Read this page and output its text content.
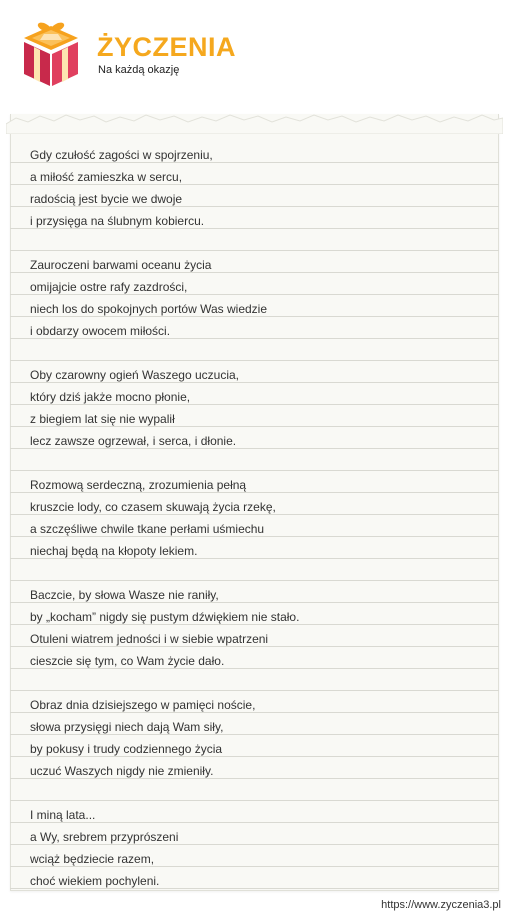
ŻYCZENIA
Na każdą okazję
Gdy czułość zagości w spojrzeniu,
a miłość zamieszka w sercu,
radością jest bycie we dwoje
i przysięga na ślubnym kobiercu.
Zauroczeni barwami oceanu życia
omijajcie ostre rafy zazdrości,
niech los do spokojnych portów Was wiedzie
i obdarzy owocem miłości.
Oby czarowny ogień Waszego uczucia,
który dziś jakże mocno płonie,
z biegiem lat się nie wypalił
lecz zawsze ogrzewał, i serca, i dłonie.
Rozmową serdeczną, zrozumienia pełną
kruszcie lody, co czasem skuwają życia rzekę,
a szczęśliwe chwile tkane perłami uśmiechu
niechaj będą na kłopoty lekiem.
Baczcie, by słowa Wasze nie raniły,
by „kocham” nigdy się pustym dźwiękiem nie stało.
Otuleni wiatrem jedności i w siebie wpatrzeni
cieszcie się tym, co Wam życie dało.
Obraz dnia dzisiejszego w pamięci noście,
słowa przysięgi niech dają Wam siły,
by pokusy i trudy codziennego życia
uczuć Waszych nigdy nie zmieniły.
I miną lata...
a Wy, srebrem przyprószeni
wciąż będziecie razem,
choć wiekiem pochyleni.
https://www.zyczenia3.pl
